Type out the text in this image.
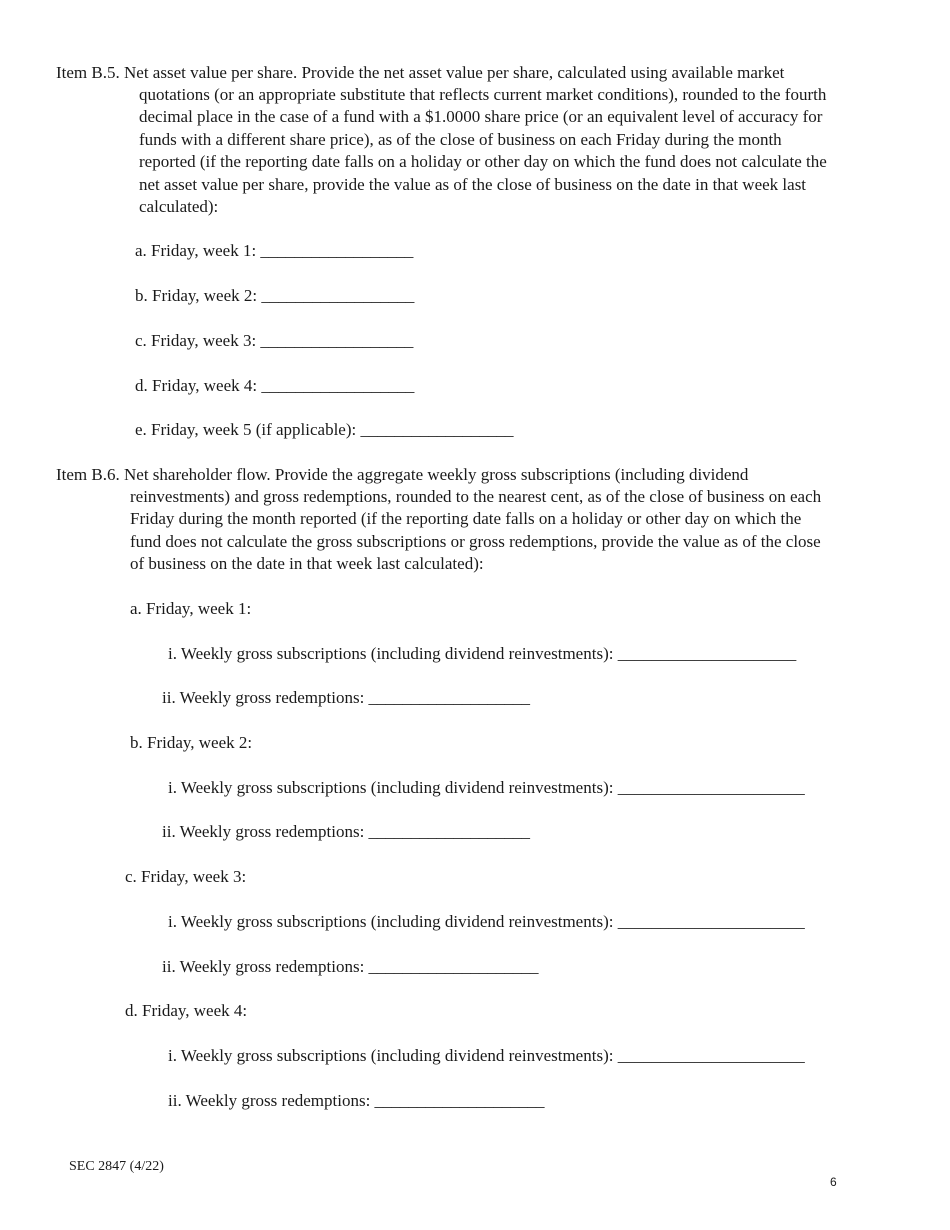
Item B.5. Net asset value per share. Provide the net asset value per share, calculated using available market
quotations (or an appropriate substitute that reflects current market conditions), rounded to the fourth
decimal place in the case of a fund with a $1.0000 share price (or an equivalent level of accuracy for
funds with a different share price), as of the close of business on each Friday during the month
reported (if the reporting date falls on a holiday or other day on which the fund does not calculate the
net asset value per share, provide the value as of the close of business on the date in that week last
calculated):
a. Friday, week 1: __________________
b. Friday, week 2: __________________
c. Friday, week 3: __________________
d. Friday, week 4: __________________
e. Friday, week 5 (if applicable): __________________
Item B.6. Net shareholder flow. Provide the aggregate weekly gross subscriptions (including dividend
reinvestments) and gross redemptions, rounded to the nearest cent, as of the close of business on each
Friday during the month reported (if the reporting date falls on a holiday or other day on which the
fund does not calculate the gross subscriptions or gross redemptions, provide the value as of the close
of business on the date in that week last calculated):
a. Friday, week 1:
i. Weekly gross subscriptions (including dividend reinvestments): _____________________
ii. Weekly gross redemptions: ___________________
b. Friday, week 2:
i. Weekly gross subscriptions (including dividend reinvestments): ______________________
ii. Weekly gross redemptions: ___________________
c. Friday, week 3:
i. Weekly gross subscriptions (including dividend reinvestments): ______________________
ii. Weekly gross redemptions: ____________________
d. Friday, week 4:
i. Weekly gross subscriptions (including dividend reinvestments): ______________________
ii. Weekly gross redemptions: ____________________
SEC 2847 (4/22)
6
